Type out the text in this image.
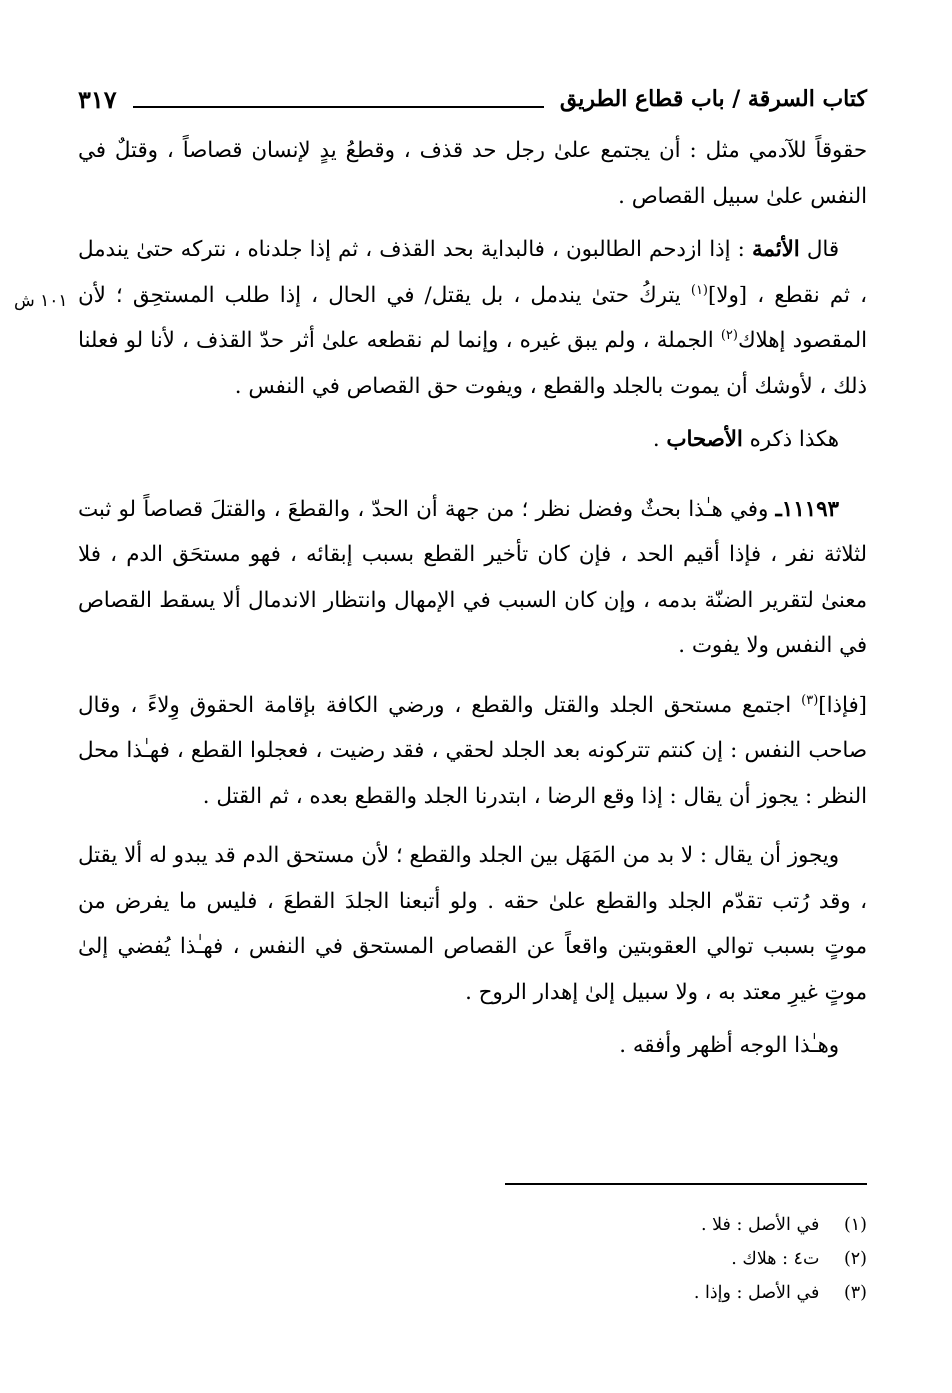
كتاب السرقة / باب قطاع الطريق
٣١٧

حقوقاً للآدمي مثل : أن يجتمع علىٰ رجل حد قذف ، وقطعُ يدٍ لإنسان قصاصاً ، وقتلٌ في النفس علىٰ سبيل القصاص .

قال الأئمة : إذا ازدحم الطالبون ، فالبداية بحد القذف ، ثم إذا جلدناه ، نتركه حتىٰ يندمل ، ثم نقطع ، [ولا]$^{(١)}$ يتركُ حتىٰ يندمل ، بل يقتل/ في الحال ، إذا طلب المستحِق ؛ لأن المقصود إهلاك$^{(٢)}$ الجملة ، ولم يبق غيره ، وإنما لم نقطعه علىٰ أثر حدّ القذف ، لأنا لو فعلنا ذلك ، لأوشك أن يموت بالجلد والقطع ، ويفوت حق القصاص في النفس .

هكذا ذكره الأصحاب .

١١١٩٣ـ وفي هـٰذا بحثٌ وفضل نظر ؛ من جهة أن الحدّ ، والقطعَ ، والقتلَ قصاصاً لو ثبت لثلاثة نفر ، فإذا أقيم الحد ، فإن كان تأخير القطع بسبب إبقائه ، فهو مستحَق الدم ، فلا معنىٰ لتقرير الضنّة بدمه ، وإن كان السبب في الإمهال وانتظار الاندمال ألا يسقط القصاص في النفس ولا يفوت .

[فإذا]$^{(٣)}$ اجتمع مستحق الجلد والقتل والقطع ، ورضي الكافة بإقامة الحقوق وِلاءً ، وقال صاحب النفس : إن كنتم تتركونه بعد الجلد لحقي ، فقد رضيت ، فعجلوا القطع ، فهـٰذا محل النظر : يجوز أن يقال : إذا وقع الرضا ، ابتدرنا الجلد والقطع بعده ، ثم القتل .

ويجوز أن يقال : لا بد من المَهَل بين الجلد والقطع ؛ لأن مستحق الدم قد يبدو له ألا يقتل ، وقد رُتب تقدّم الجلد والقطع علىٰ حقه . ولو أتبعنا الجلدَ القطعَ ، فليس ما يفرض من موتٍ بسبب توالي العقوبتين واقعاً عن القصاص المستحق في النفس ، فهـٰذا يُفضي إلىٰ موتٍ غيرِ معتد به ، ولا سبيل إلىٰ إهدار الروح .

وهـٰذا الوجه أظهر وأفقه .

١٠١ ش
(١) في الأصل : فلا .
(٢) ت٤ : هلاك .
(٣) في الأصل : وإذا .
